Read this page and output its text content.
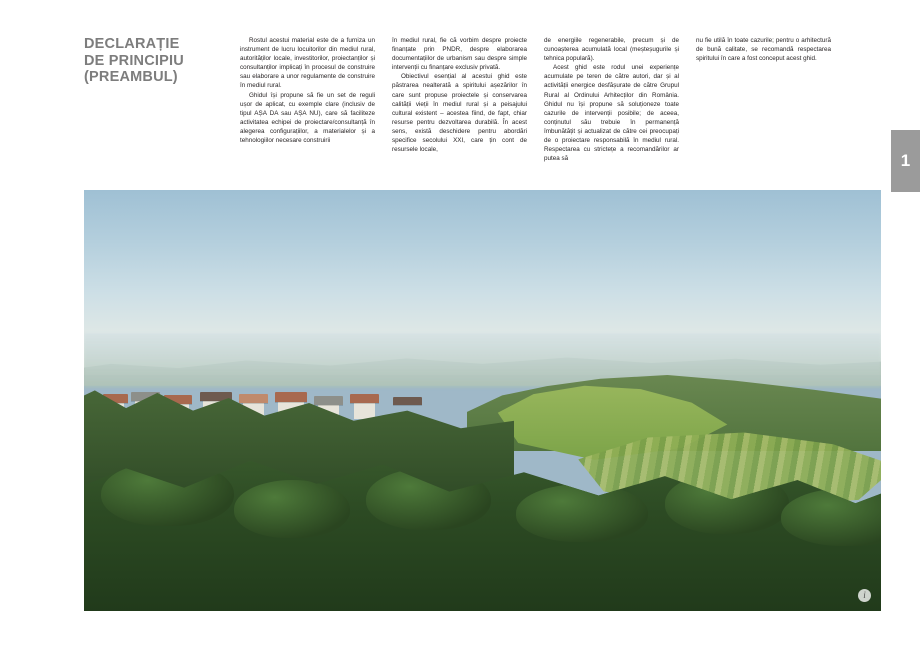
DECLARAȚIE
DE PRINCIPIU
(PREAMBUL)

Rostul acestui material este de a furniza un instrument de lucru locuitorilor din mediul rural, autorităților locale, investitorilor, proiectanților și consultanților implicați în procesul de construire sau elaborare a unor regulamente de construire în mediul rural.

Ghidul își propune să fie un set de reguli ușor de aplicat, cu exemple clare (inclusiv de tipul AȘA DA sau AȘA NU), care să faciliteze activitatea echipei de proiectare/consultanță în alegerea configurațiilor, a materialelor și a tehnologiilor necesare construirii

în mediul rural, fie că vorbim despre proiecte finanțate prin PNDR, despre elaborarea documentațiilor de urbanism sau despre simple intervenții cu finanțare exclusiv privată.

Obiectivul esențial al acestui ghid este păstrarea nealterată a spiritului așezărilor în care sunt propuse proiectele și conservarea calității vieții în mediul rural și a peisajului cultural existent – acestea fiind, de fapt, chiar resurse pentru dezvoltarea durabilă. În acest sens, există deschidere pentru abordări specifice secolului XXI, care țin cont de resursele locale,

de energiile regenerabile, precum și de cunoașterea acumulată local (meșteșugurile și tehnica populară).

Acest ghid este rodul unei experiențe acumulate pe teren de către autori, dar și al activității energice desfășurate de către Grupul Rural al Ordinului Arhitecților din România. Ghidul nu își propune să soluționeze toate cazurile de intervenții posibile; de aceea, conținutul său trebuie în permanență îmbunătățit și actualizat de către cei preocupați de o proiectare responsabilă în mediul rural. Respectarea cu strictețe a recomandărilor ar putea să

nu fie utilă în toate cazurile; pentru o arhitectură de bună calitate, se recomandă respectarea spiritului în care a fost conceput acest ghid.

1
i
